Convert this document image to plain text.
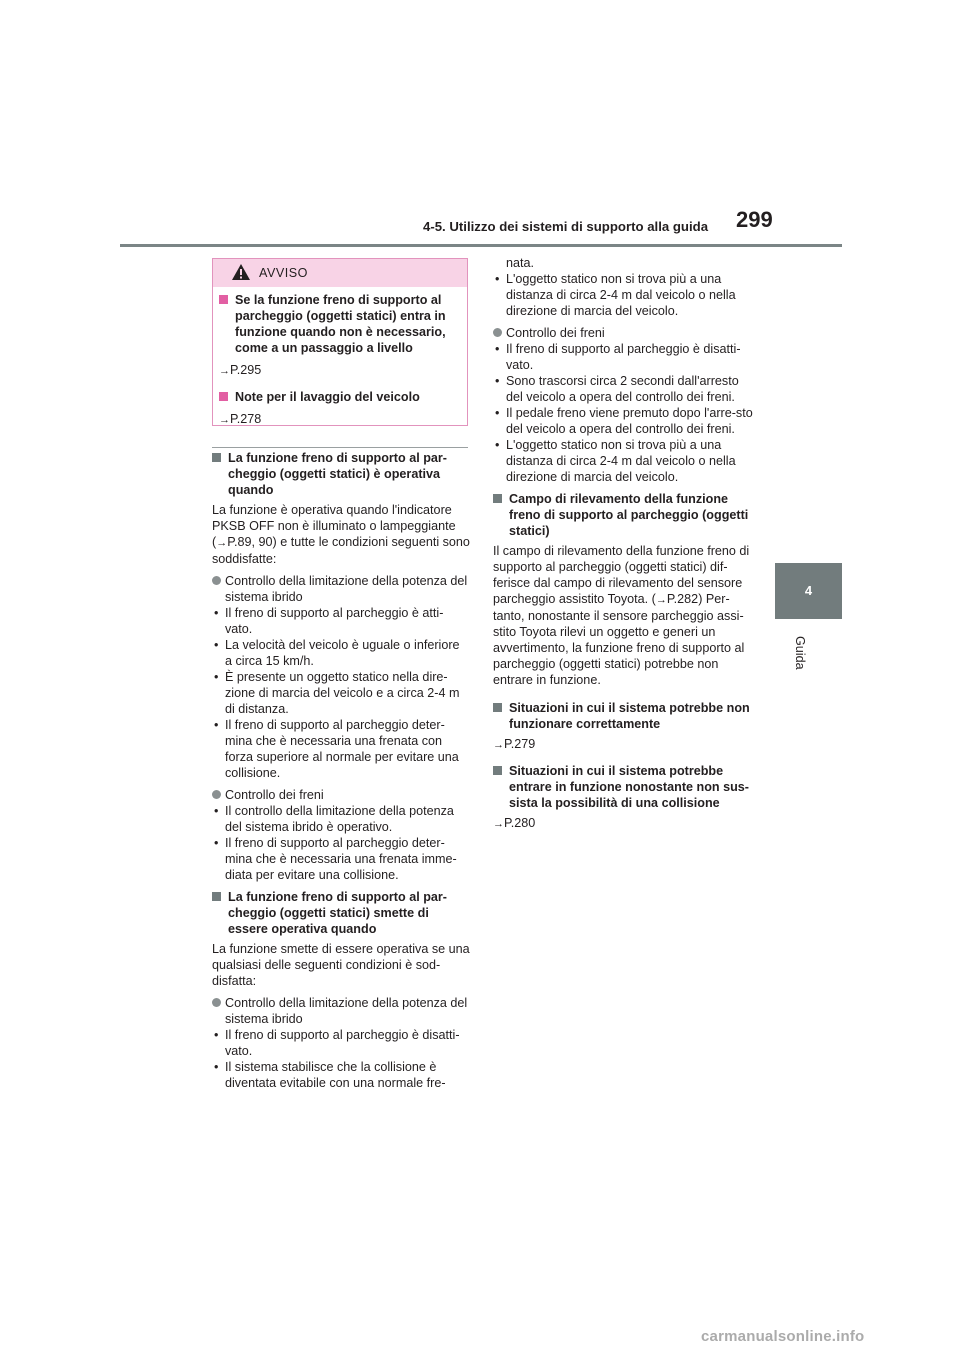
4-5. Utilizzo dei sistemi di supporto alla guida 299
4
Guida
AVVISO
Se la funzione freno di supporto al parcheggio (oggetti statici) entra in funzione quando non è necessario, come a un passaggio a livello
→P.295
Note per il lavaggio del veicolo
→P.278
La funzione freno di supporto al par-cheggio (oggetti statici) è operativa quando
La funzione è operativa quando l'indicatore PKSB OFF non è illuminato o lampeggiante (→P.89, 90) e tutte le condizioni seguenti sono soddisfatte:
Controllo della limitazione della potenza del sistema ibrido
• Il freno di supporto al parcheggio è atti-vato.
• La velocità del veicolo è uguale o inferiore a circa 15 km/h.
• È presente un oggetto statico nella dire-zione di marcia del veicolo e a circa 2-4 m di distanza.
• Il freno di supporto al parcheggio deter-mina che è necessaria una frenata con forza superiore al normale per evitare una collisione.
Controllo dei freni
• Il controllo della limitazione della potenza del sistema ibrido è operativo.
• Il freno di supporto al parcheggio deter-mina che è necessaria una frenata imme-diata per evitare una collisione.
La funzione freno di supporto al par-cheggio (oggetti statici) smette di essere operativa quando
La funzione smette di essere operativa se una qualsiasi delle seguenti condizioni è sod-disfatta:
Controllo della limitazione della potenza del sistema ibrido
• Il freno di supporto al parcheggio è disatti-vato.
• Il sistema stabilisce che la collisione è diventata evitabile con una normale fre-
nata.
• L'oggetto statico non si trova più a una distanza di circa 2-4 m dal veicolo o nella direzione di marcia del veicolo.
Controllo dei freni
• Il freno di supporto al parcheggio è disatti-vato.
• Sono trascorsi circa 2 secondi dall'arresto del veicolo a opera del controllo dei freni.
• Il pedale freno viene premuto dopo l'arre-sto del veicolo a opera del controllo dei freni.
• L'oggetto statico non si trova più a una distanza di circa 2-4 m dal veicolo o nella direzione di marcia del veicolo.
Campo di rilevamento della funzione freno di supporto al parcheggio (oggetti statici)
Il campo di rilevamento della funzione freno di supporto al parcheggio (oggetti statici) dif-ferisce dal campo di rilevamento del sensore parcheggio assistito Toyota. (→P.282) Per-tanto, nonostante il sensore parcheggio assi-stito Toyota rilevi un oggetto e generi un avvertimento, la funzione freno di supporto al parcheggio (oggetti statici) potrebbe non entrare in funzione.
Situazioni in cui il sistema potrebbe non funzionare correttamente
→P.279
Situazioni in cui il sistema potrebbe entrare in funzione nonostante non sus-sista la possibilità di una collisione
→P.280
carmanualsonline.info
